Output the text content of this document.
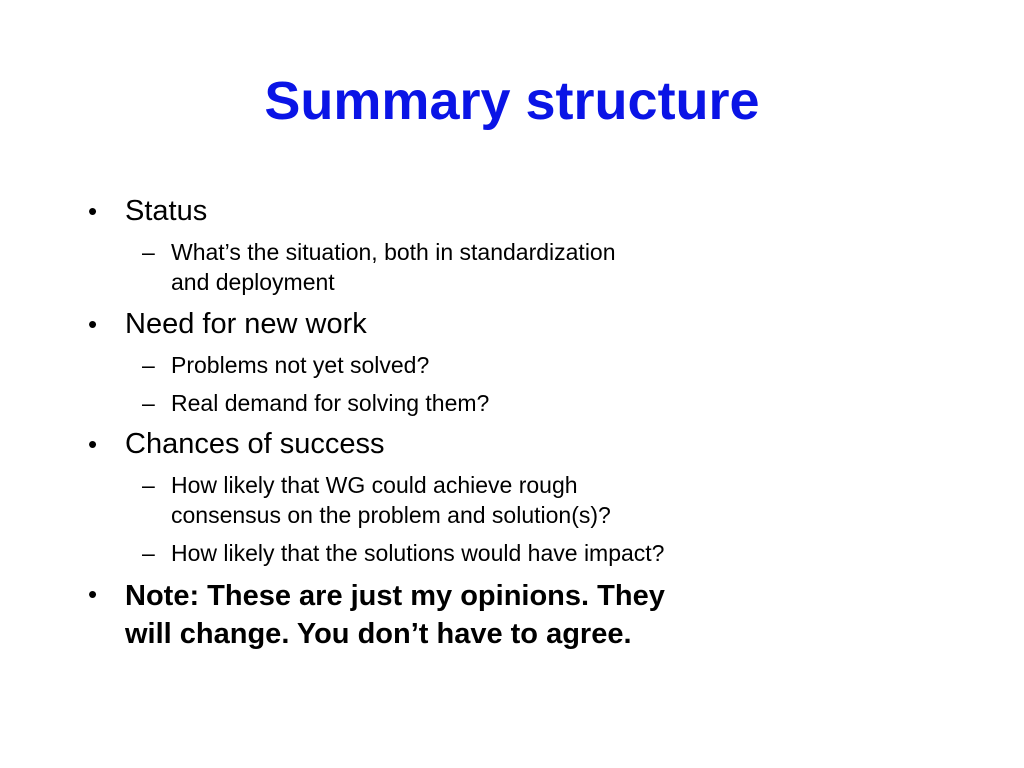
Summary structure
• Status
– What’s the situation, both in standardization
and deployment
• Need for new work
– Problems not yet solved?
– Real demand for solving them?
• Chances of success
– How likely that WG could achieve rough
consensus on the problem and solution(s)?
– How likely that the solutions would have impact?
• Note: These are just my opinions. They
will change. You don’t have to agree.
